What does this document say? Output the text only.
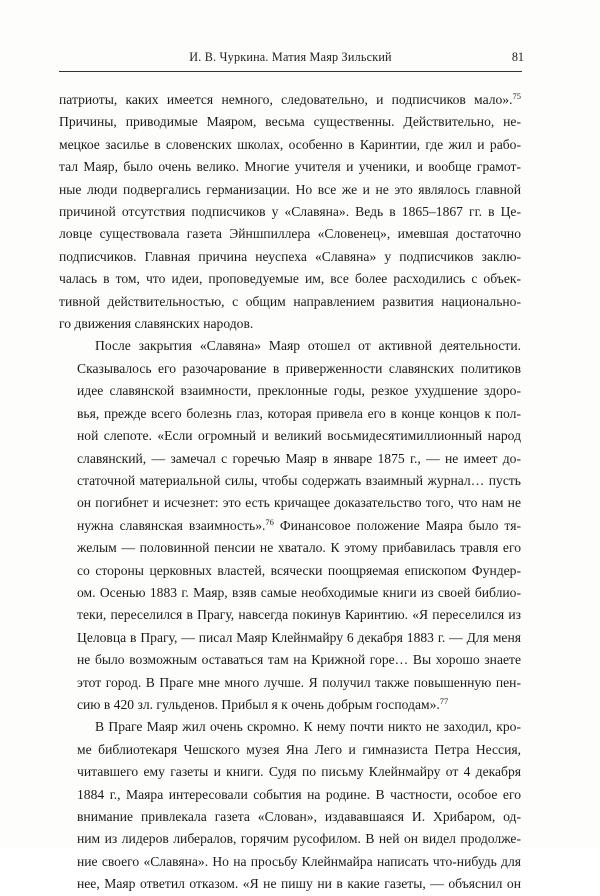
И. В. Чуркина. Матия Маяр Зильский	81

патриоты, каких имеется немного, следовательно, и подписчиков мало».$^{75}$
Причины, приводимые Маяром, весьма существенны. Действительно, не-
мецкое засилье в словенских школах, особенно в Каринтии, где жил и рабо-
тал Маяр, было очень велико. Многие учителя и ученики, и вообще грамот-
ные люди подвергались германизации. Но все же и не это являлось главной
причиной отсутствия подписчиков у «Славяна». Ведь в 1865–1867 гг. в Це-
ловце существовала газета Эйншпиллера «Словенец», имевшая достаточно
подписчиков. Главная причина неуспеха «Славяна» у подписчиков заклю-
чалась в том, что идеи, проповедуемые им, все более расходились с объек-
тивной действительностью, с общим направлением развития национально-
го движения славянских народов.

После закрытия «Славяна» Маяр отошел от активной деятельности.
Сказывалось его разочарование в приверженности славянских политиков
идее славянской взаимности, преклонные годы, резкое ухудшение здоро-
вья, прежде всего болезнь глаз, которая привела его в конце концов к пол-
ной слепоте. «Если огромный и великий восьмидесятимиллионный народ
славянский, — замечал с горечью Маяр в январе 1875 г., — не имеет до-
статочной материальной силы, чтобы содержать взаимный журнал… пусть
он погибнет и исчезнет: это есть кричащее доказательство того, что нам не
нужна славянская взаимность».$^{76}$ Финансовое положение Маяра было тя-
желым — половинной пенсии не хватало. К этому прибавилась травля его
со стороны церковных властей, всячески поощряемая епископом Фундер-
ом. Осенью 1883 г. Маяр, взяв самые необходимые книги из своей библио-
теки, переселился в Прагу, навсегда покинув Каринтию. «Я переселился из
Целовца в Прагу, — писал Маяр Клейнмайру 6 декабря 1883 г. — Для меня
не было возможным оставаться там на Крижной горе… Вы хорошо знаете
этот город. В Праге мне много лучше. Я получил также повышенную пен-
сию в 420 зл. гульденов. Прибыл я к очень добрым господам».$^{77}$

В Праге Маяр жил очень скромно. К нему почти никто не заходил, кро-
ме библиотекаря Чешского музея Яна Лего и гимназиста Петра Нессия,
читавшего ему газеты и книги. Судя по письму Клейнмайру от 4 декабря
1884 г., Маяра интересовали события на родине. В частности, особое его
внимание привлекала газета «Слован», издававшаяся И. Хрибаром, од-
ним из лидеров либералов, горячим русофилом. В ней он видел продолже-
ние своего «Славяна». Но на просьбу Клейнмайра написать что-нибудь для
нее, Маяр ответил отказом. «Я не пишу ни в какие газеты, — объяснил он
